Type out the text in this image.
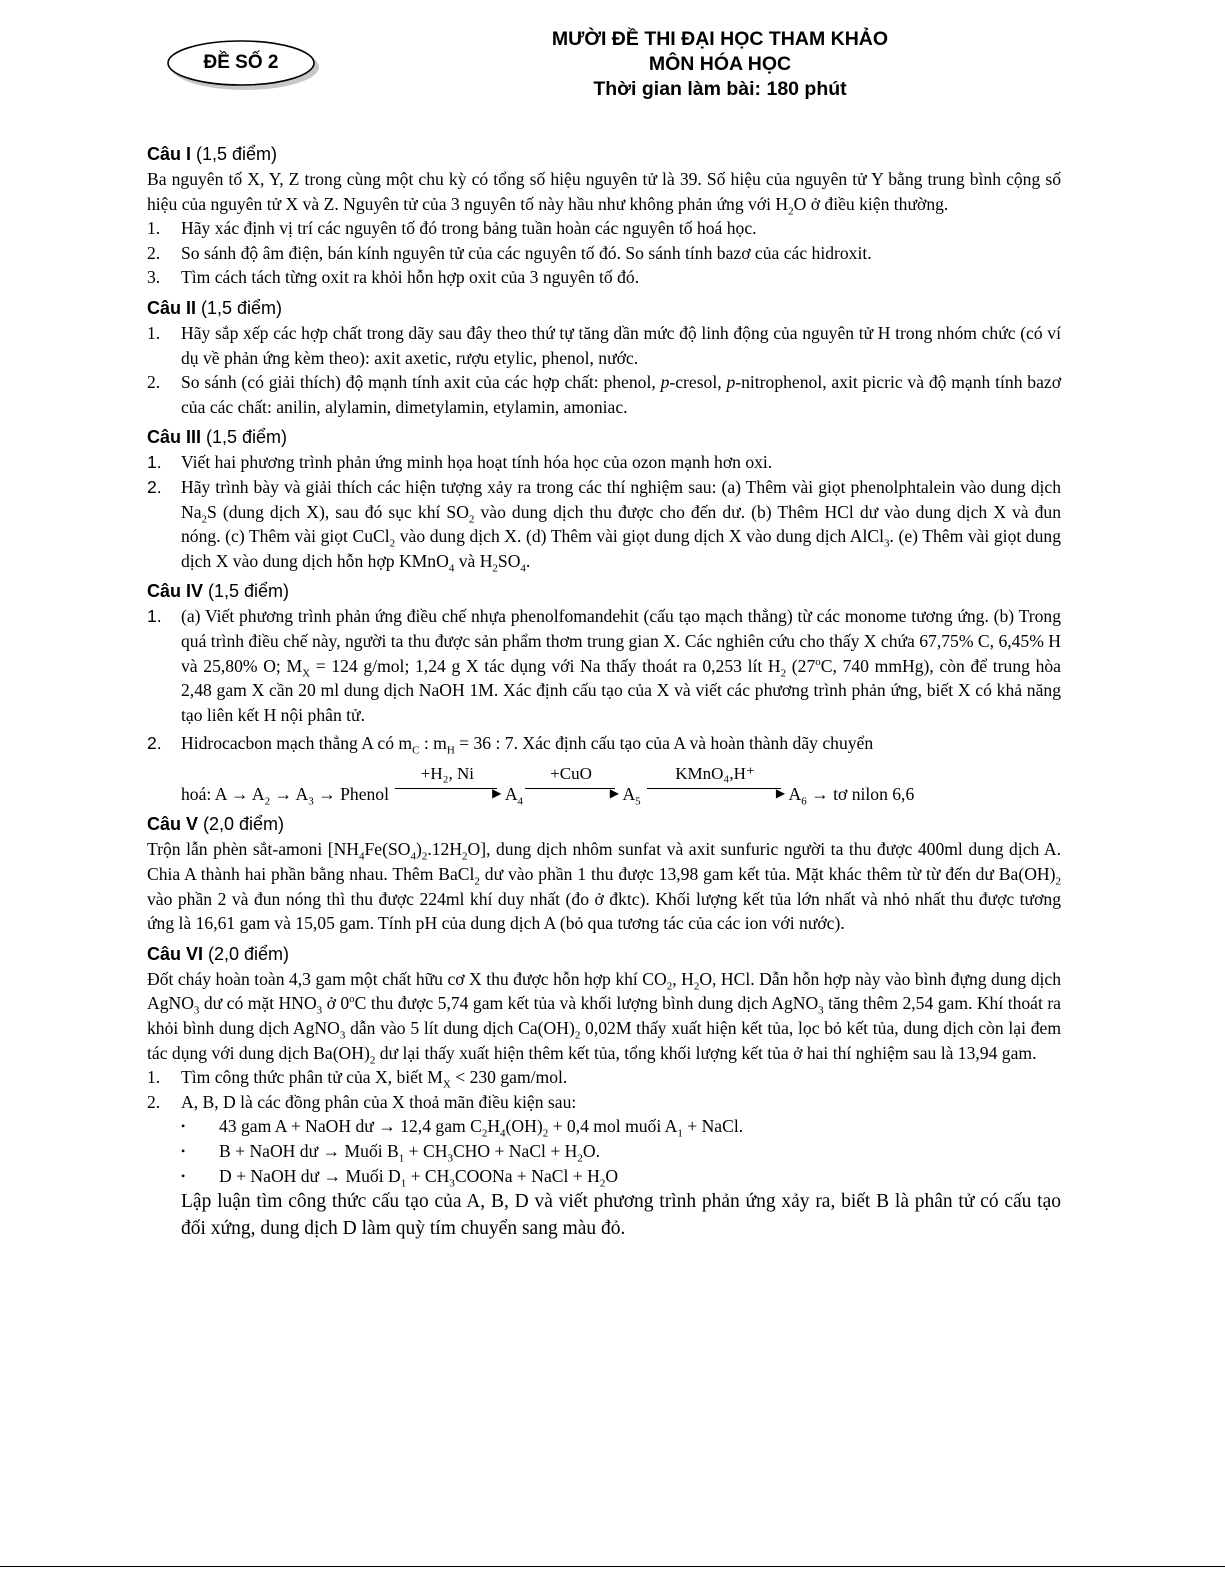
ĐỀ SỐ 2
MƯỜI ĐỀ THI ĐẠI HỌC THAM KHẢO
MÔN HÓA HỌC
Thời gian làm bài: 180 phút
Câu I (1,5 điểm)

Ba nguyên tố X, Y, Z trong cùng một chu kỳ có tổng số hiệu nguyên tử là 39. Số hiệu của nguyên tử Y bằng trung bình cộng số hiệu của nguyên tử X và Z. Nguyên tử của 3 nguyên tố này hầu như không phản ứng với $H_2O$ ở điều kiện thường.

1. Hãy xác định vị trí các nguyên tố đó trong bảng tuần hoàn các nguyên tố hoá học.
2. So sánh độ âm điện, bán kính nguyên tử của các nguyên tố đó. So sánh tính bazơ của các hidroxit.
3. Tìm cách tách từng oxit ra khỏi hỗn hợp oxit của 3 nguyên tố đó.
Câu II (1,5 điểm)
1. Hãy sắp xếp các hợp chất trong dãy sau đây theo thứ tự tăng dần mức độ linh động của nguyên tử H trong nhóm chức (có ví dụ về phản ứng kèm theo): axit axetic, rượu etylic, phenol, nước.
2. So sánh (có giải thích) độ mạnh tính axit của các hợp chất: phenol, p-cresol, p-nitrophenol, axit picric và độ mạnh tính bazơ của các chất: anilin, alylamin, dimetylamin, etylamin, amoniac.
Câu III (1,5 điểm)
1. Viết hai phương trình phản ứng minh họa hoạt tính hóa học của ozon mạnh hơn oxi.
2. Hãy trình bày và giải thích các hiện tượng xảy ra trong các thí nghiệm sau: (a) Thêm vài giọt phenolphtalein vào dung dịch $Na_2S$ (dung dịch X), sau đó sục khí $SO_2$ vào dung dịch thu được cho đến dư. (b) Thêm HCl dư vào dung dịch X và đun nóng. (c) Thêm vài giọt CuCl$_2$ vào dung dịch X. (d) Thêm vài giọt dung dịch X vào dung dịch AlCl$_3$. (e) Thêm vài giọt dung dịch X vào dung dịch hỗn hợp KMnO$_4$ và $H_2SO_4$.
Câu IV (1,5 điểm)
1. (a) Viết phương trình phản ứng điều chế nhựa phenolfomandehit (cấu tạo mạch thẳng) từ các monome tương ứng. (b) Trong quá trình điều chế này, người ta thu được sản phẩm thơm trung gian X. Các nghiên cứu cho thấy X chứa 67,75% C, 6,45% H và 25,80% O; $M_X = 124$ g/mol; 1,24 g X tác dụng với Na thấy thoát ra 0,253 lít $H_2$ (27$^o$C, 740 mmHg), còn để trung hòa 2,48 gam X cần 20 ml dung dịch NaOH 1M. Xác định cấu tạo của X và viết các phương trình phản ứng, biết X có khả năng tạo liên kết H nội phân tử.
2. Hidrocacbon mạch thẳng A có $m_C$ : $m_H = 36$ : 7. Xác định cấu tạo của A và hoàn thành dãy chuyển
hoá: $A \to A_2 \to A_3$ → Phenol
+H₂, Ni
▶ $A_4$
+CuO
▶ $A_5$
KMnO₄,H⁺
▶ $A_6$ → tơ nilon 6,6
Câu V (2,0 điểm)

Trộn lẫn phèn sắt-amoni $[NH_4Fe(SO_4)_2.12H_2O]$, dung dịch nhôm sunfat và axit sunfuric người ta thu được 400ml dung dịch A. Chia A thành hai phần bằng nhau. Thêm BaCl$_2$ dư vào phần 1 thu được 13,98 gam kết tủa. Mặt khác thêm từ từ đến dư $Ba(OH)_2$ vào phần 2 và đun nóng thì thu được 224ml khí duy nhất (đo ở đktc). Khối lượng kết tủa lớn nhất và nhỏ nhất thu được tương ứng là 16,61 gam và 15,05 gam. Tính pH của dung dịch A (bỏ qua tương tác của các ion với nước).

Câu VI (2,0 điểm)

Đốt cháy hoàn toàn 4,3 gam một chất hữu cơ X thu được hỗn hợp khí $CO_2$, $H_2O$, HCl. Dẫn hỗn hợp này vào bình đựng dung dịch AgNO$_3$ dư có mặt $HNO_3$ ở 0$^o$C thu được 5,74 gam kết tủa và khối lượng bình dung dịch AgNO$_3$ tăng thêm 2,54 gam. Khí thoát ra khỏi bình dung dịch AgNO$_3$ dẫn vào 5 lít dung dịch $Ca(OH)_2$ 0,02M thấy xuất hiện kết tủa, lọc bỏ kết tủa, dung dịch còn lại đem tác dụng với dung dịch $Ba(OH)_2$ dư lại thấy xuất hiện thêm kết tủa, tổng khối lượng kết tủa ở hai thí nghiệm sau là 13,94 gam.

1. Tìm công thức phân tử của X, biết $M_X < 230$ gam/mol.
2. A, B, D là các đồng phân của X thoả mãn điều kiện sau:
• 43 gam A + NaOH dư → 12,4 gam $C_2H_4(OH)_2 + 0,4$ mol muối $A_1$ + NaCl.
• B + NaOH dư → Muối $B_1 + CH_3CHO$ + NaCl + $H_2O$.
• D + NaOH dư → Muối $D_1$ + $CH_3COONa$ + NaCl + $H_2O$

Lập luận tìm công thức cấu tạo của A, B, D và viết phương trình phản ứng xảy ra, biết B là phân tử có cấu tạo đối xứng, dung dịch D làm quỳ tím chuyển sang màu đỏ.
